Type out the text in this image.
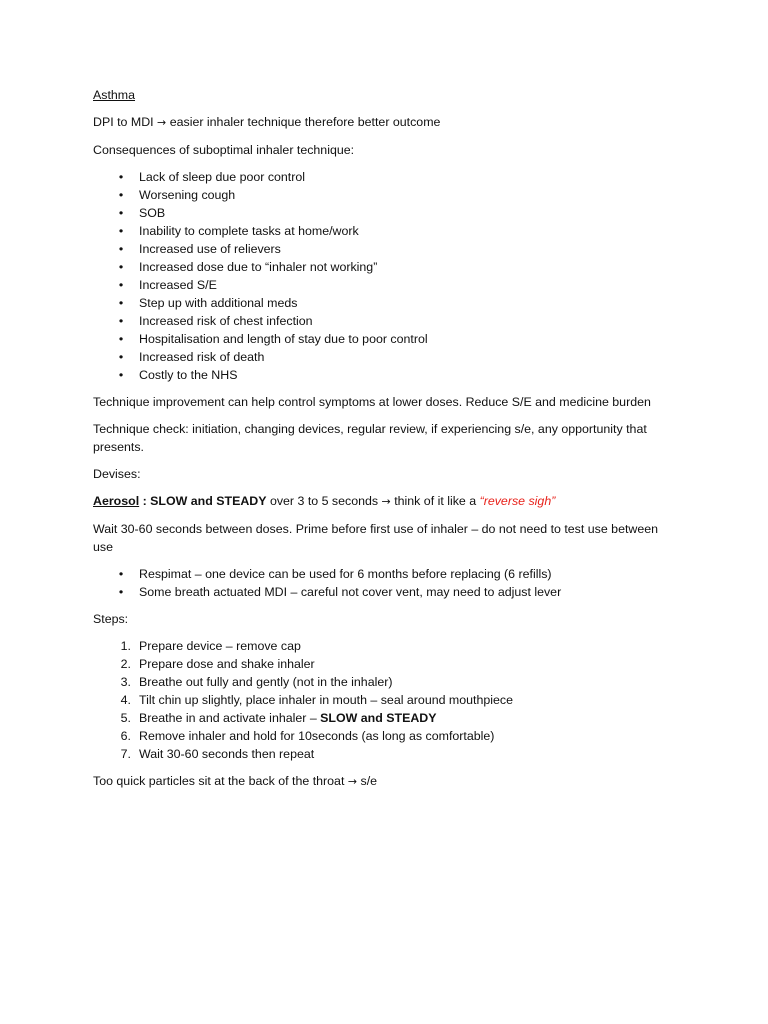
Asthma

DPI to MDI → easier inhaler technique therefore better outcome

Consequences of suboptimal inhaler technique:

•	Lack of sleep due poor control
•	Worsening cough
•	SOB
•	Inability to complete tasks at home/work
•	Increased use of relievers
•	Increased dose due to “inhaler not working”
•	Increased S/E
•	Step up with additional meds
•	Increased risk of chest infection
•	Hospitalisation and length of stay due to poor control
•	Increased risk of death
•	Costly to the NHS

Technique improvement can help control symptoms at lower doses. Reduce S/E and medicine burden

Technique check: initiation, changing devices, regular review, if experiencing s/e, any opportunity that presents.

Devises:

Aerosol : SLOW and STEADY over 3 to 5 seconds → think of it like a “reverse sigh”

Wait 30-60 seconds between doses. Prime before first use of inhaler – do not need to test use between use

•	Respimat – one device can be used for 6 months before replacing (6 refills)
•	Some breath actuated MDI – careful not cover vent, may need to adjust lever

Steps:

1. Prepare device – remove cap
2. Prepare dose and shake inhaler
3. Breathe out fully and gently (not in the inhaler)
4. Tilt chin up slightly, place inhaler in mouth – seal around mouthpiece
5. Breathe in and activate inhaler – SLOW and STEADY
6. Remove inhaler and hold for 10seconds (as long as comfortable)
7. Wait 30-60 seconds then repeat

Too quick particles sit at the back of the throat → s/e
